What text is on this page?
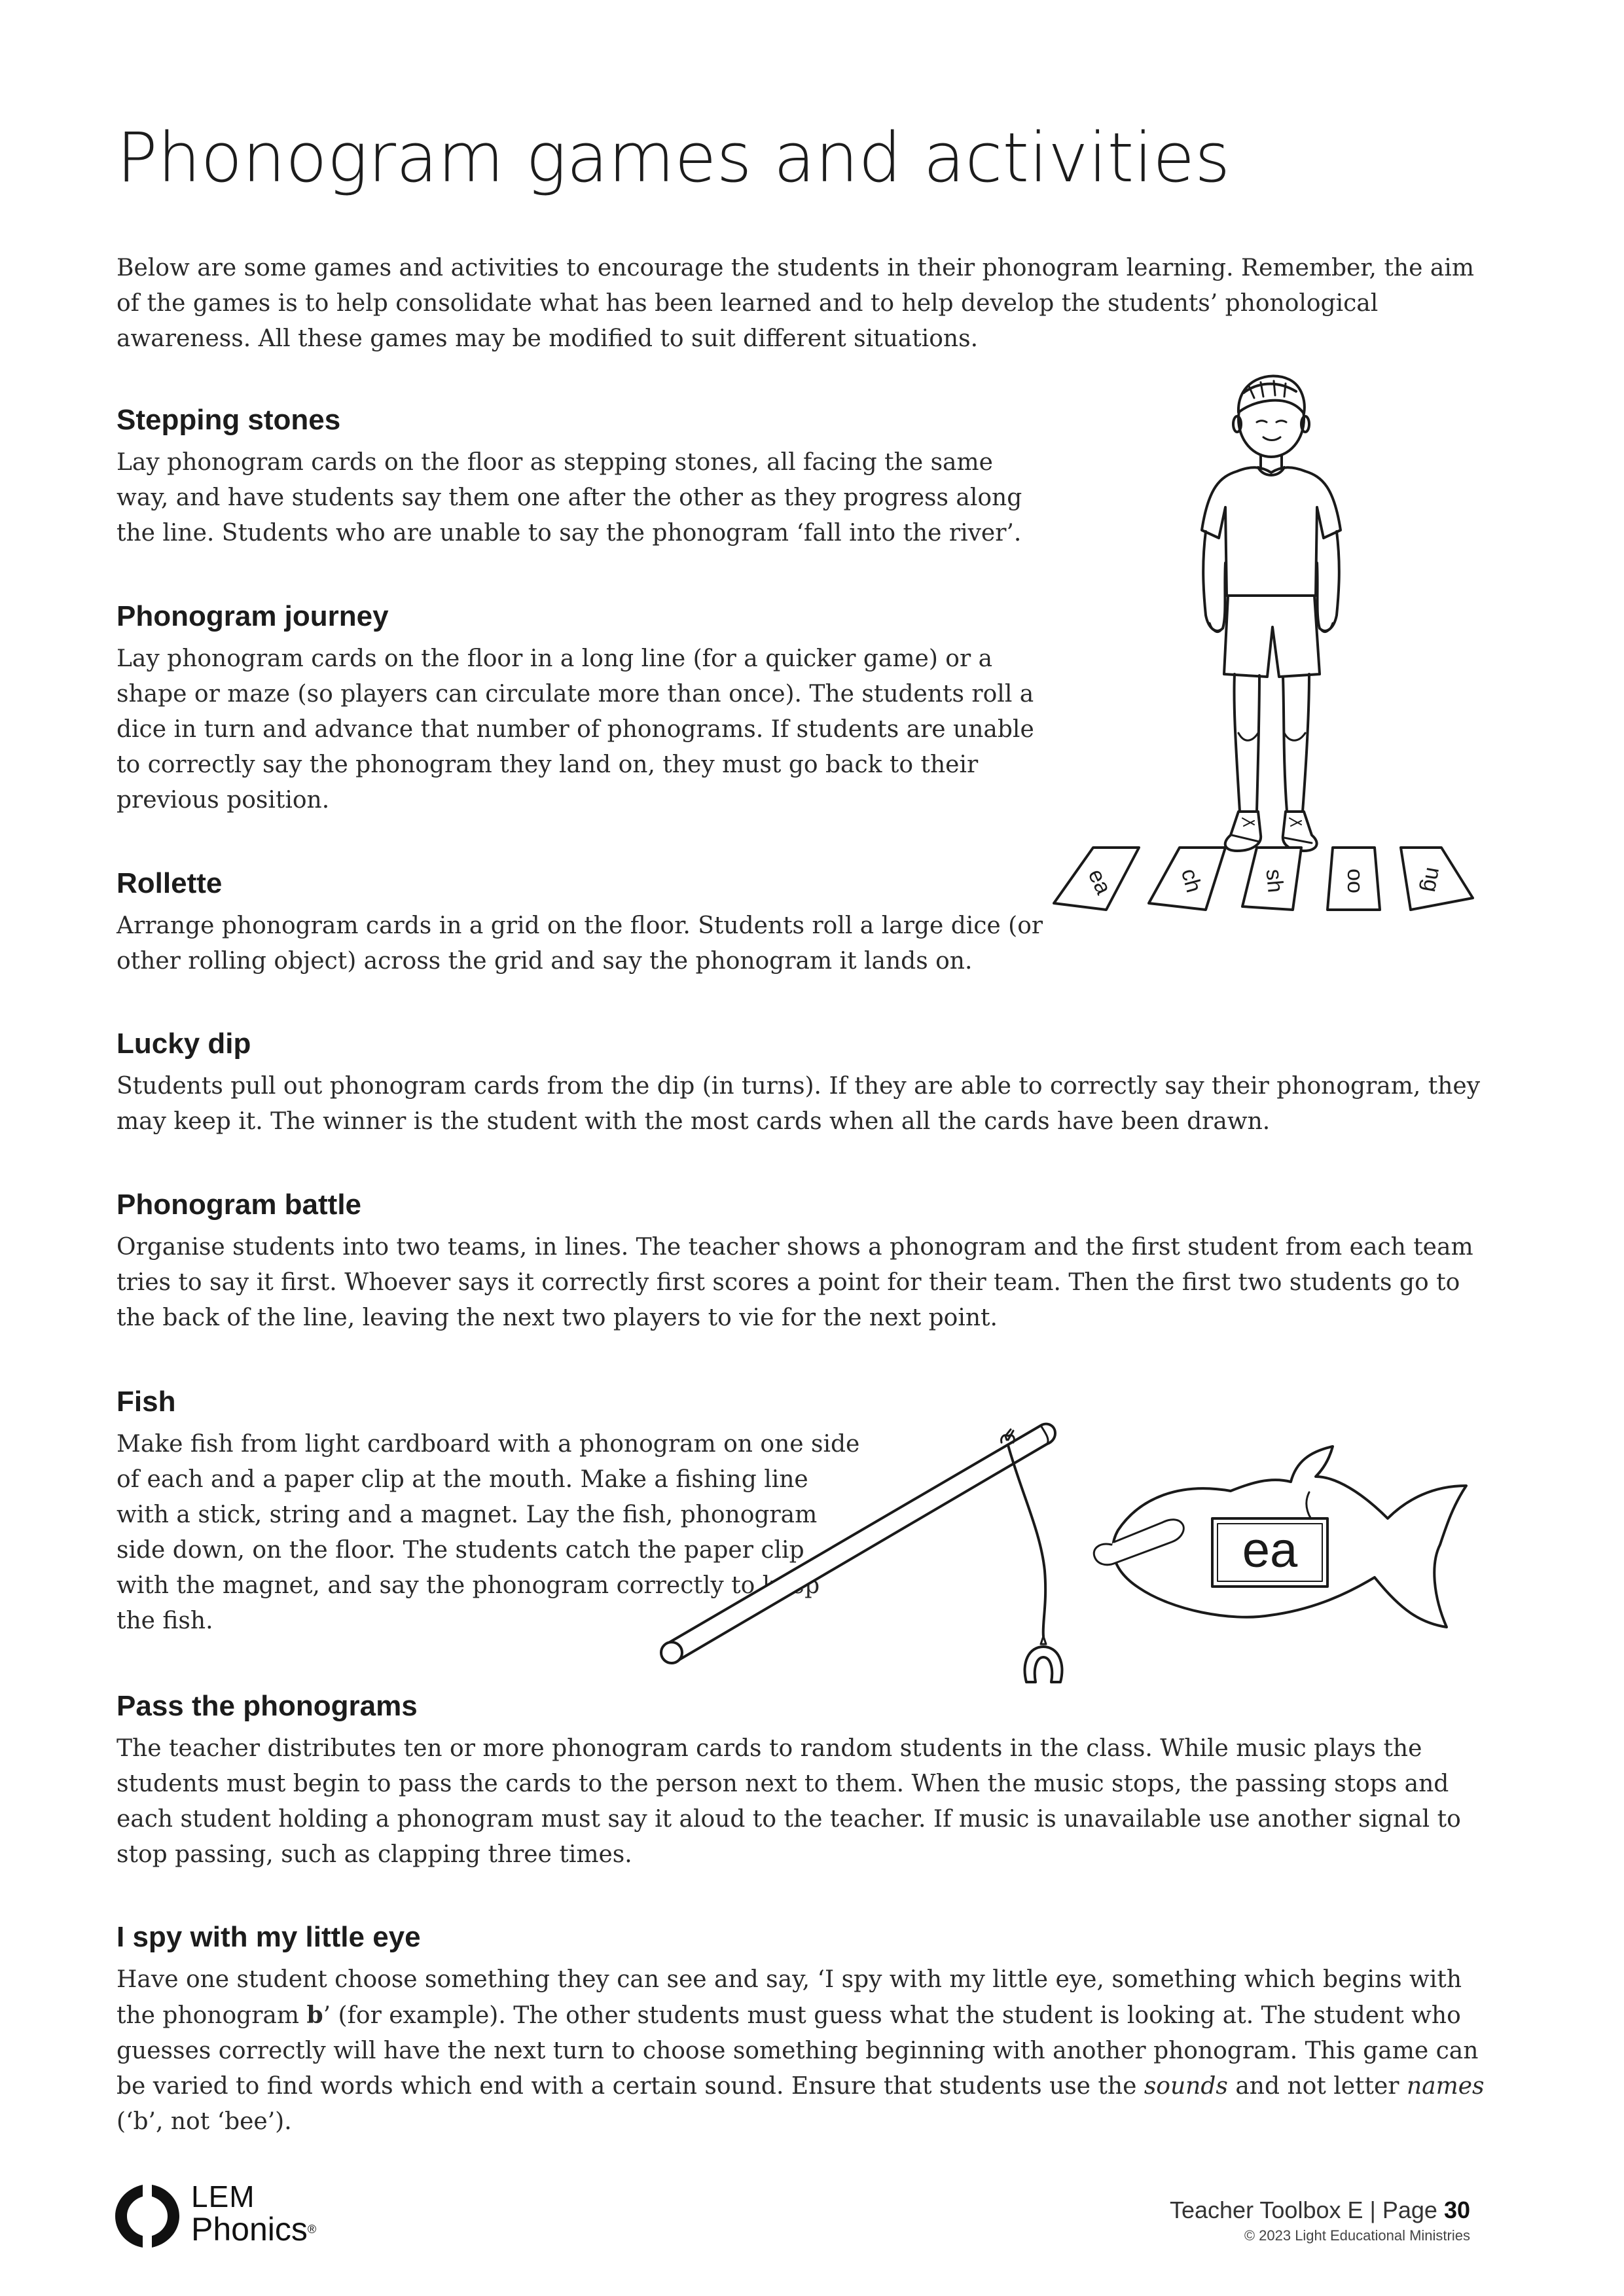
Phonogram games and activities

Below are some games and activities to encourage the students in their phonogram learning. Remember, the aim of the games is to help consolidate what has been learned and to help develop the students’ phonological awareness. All these games may be modified to suit different situations.

Stepping stones

Lay phonogram cards on the floor as stepping stones, all facing the same way, and have students say them one after the other as they progress along the line. Students who are unable to say the phonogram ‘fall into the river’.

Phonogram journey

Lay phonogram cards on the floor in a long line (for a quicker game) or a shape or maze (so players can circulate more than once). The students roll a dice in turn and advance that number of phonograms. If students are unable to correctly say the phonogram they land on, they must go back to their previous position.

Rollette

Arrange phonogram cards in a grid on the floor. Students roll a large dice (or other rolling object) across the grid and say the phonogram it lands on.

Lucky dip

Students pull out phonogram cards from the dip (in turns). If they are able to correctly say their phonogram, they may keep it. The winner is the student with the most cards when all the cards have been drawn.

Phonogram battle

Organise students into two teams, in lines. The teacher shows a phonogram and the first student from each team tries to say it first. Whoever says it correctly first scores a point for their team. Then the first two students go to the back of the line, leaving the next two players to vie for the next point.

Fish

Make fish from light cardboard with a phonogram on one side of each and a paper clip at the mouth. Make a fishing line with a stick, string and a magnet. Lay the fish, phonogram side down, on the floor. The students catch the paper clip with the magnet, and say the phonogram correctly to keep the fish.

Pass the phonograms

The teacher distributes ten or more phonogram cards to random students in the class. While music plays the students must begin to pass the cards to the person next to them. When the music stops, the passing stops and each student holding a phonogram must say it aloud to the teacher. If music is unavailable use another signal to stop passing, such as clapping three times.

I spy with my little eye

Have one student choose something they can see and say, ‘I spy with my little eye, something which begins with the phonogram b’ (for example). The other students must guess what the student is looking at. The student who guesses correctly will have the next turn to choose something beginning with another phonogram. This game can be varied to find words which end with a certain sound. Ensure that students use the sounds and not letter names (‘b’, not ‘bee’).

ea	ch sh oo ng
ea
LEM
Phonics®
Teacher Toolbox E | Page 30
© 2023 Light Educational Ministries
